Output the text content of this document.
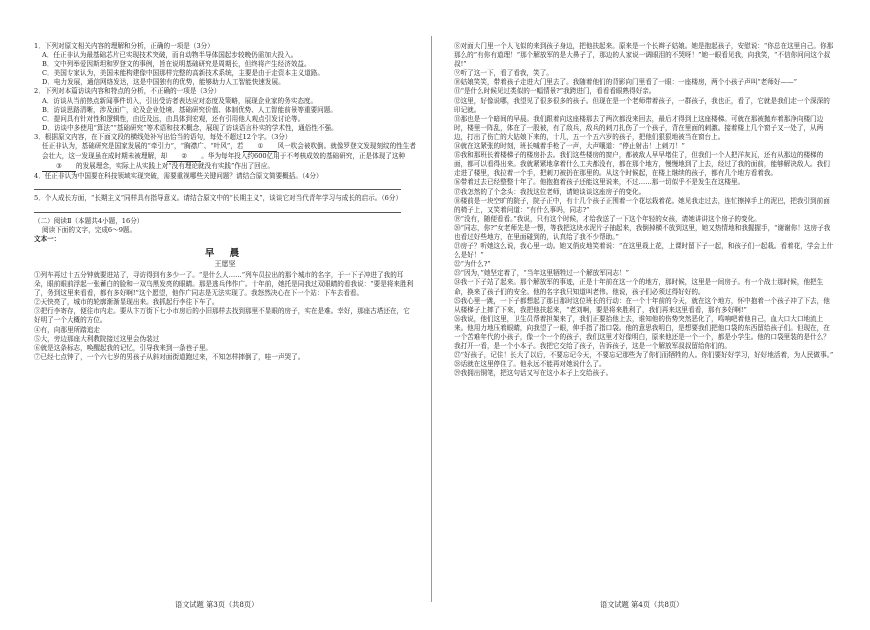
1．下列对原文相关内容的理解和分析，正确的一项是（3分）
A．任正非认为最基础芯片已实现技术突破，而自动物半导体国起步较晚仍需加大投入。
B．文中列举爱因斯坦和罗登文的事例，旨在说明基础研究是周期长，但终将产生经济效益。
C．美国专家认为，美国未能构建像中国那样完整的高新技术系统，主要是由于走资本主义道路。
D．电力发展，通信网络发达，这是中国独有的优势，能够助力人工智能快速发展。
2．下列对本篇访谈内容和特点的分析，不正确的一项是（3分）
A．访谈从当前热点新闻事件切入，引出受访者表达应对态度及策略，展现企业家的务实态度。
B．访谈思路清晰，涉及面广，论及企业处境、基础研究价值、体制优势、人工智能前景等重要问题。
C．提问具有针对性和逻辑性，由近及远，由具体到宏观，还有引用他人观点引发讨论等。
D．访谈中多使用“算法”“基础研究”等术语和技术概念，展现了访谈语言朴实的学术性，通俗性不强。
3．根据原文内容，在下面文段的横线处补写出恰当的语句，每处不超过12个字。（3分）
任正非认为，基础研究是国家发展的“牵引力”，“胸襟广、“叶风”，若 ① 风一吹会被吹倒。就像罗登文发现刻纹的性生者会壮大，这一发现虽在成时期未被理解，却 ② 。华为每年投入约600亿用于不考核成效的基础研究，正是体现了这种③ 的发展理念，实际上从实践上对“没有理论就没有实践”作出了回应。
4．任正非认为中国要在科技领域实现突破，需要重视哪些关键问题？请结合原文简要概括。（4分）
5．个人成长方面，“长期主义”同样具有指导意义。请结合原文中的“长期主义”，谈谈它对当代青年学习与成长的启示。（6分）
（二）阅读Ⅱ（本题共4小题，16分）
阅读下面的文字，完成6～9题。
文本一：
早 晨
王愿坚

①列车再过十五分钟就要进站了，寻访得到有多少一了。“是什么人……”列车员拉出的那个城市的名字，于一下子冲进了我的耳朵，眼前眼前浮起一张蓄白的脸和一双乌黑发亮的眼睛。那是逃兵伟作广。十年前，她托是同我过双眼睛的看我说：“要是将来胜利了，务到这里来看看，都有多好啊!”这个愿望，他作广同志是无法实现了。我怒然决心在下一个站：下车去看看。

②天快亮了，城市的轮廓渐渐显现出来。我抓起行李往下车了。

③把行李寄存，便往市内走。要从卞万街下七小市房后的小旧那样去找到那里不显眼的房子，实在是难。幸好，那座古塔还在，它好明了一个大概的方位。

④有，向那里所踏追走

⑤大，旁边那座大利教院接过这里会伪装过

⑥就是这条标志，唤醒起我的记忆，引导我来到一条巷子里。

⑦已经七点钟了，一个六七岁的男孩子从斜对面街道跑过来，不知怎样摔倒了，哇一声哭了。

⑧对面大门里一个人飞似的来到孩子身边，把他扶起来。原来是一个长辫子姑娘。她是抱起孩子，安慰说：“你总在这里自己。你那那么的”有你有道理！”那个解放军的是大鼻子了，那边的人家说一调眼泪的不哭呀！”她一眼看见我，向我笑，“不信你问问这个叔叔!”

⑨听了这一下，看了看我，笑了。

⑩姑娘笑笑，带着孩子走进大门里去了。我随着他们的背影向门里看了一眼：一座楼房，两个小孩子声叫“老师好——”

⑪“是什么时候见过类似的一幅情景?”我跨进门，看看看眼熟得好亲。

⑫这里，好像说哪，我望见了很多很多的孩子。但现在是一个老师带着孩子，一群孩子，我也正，看了，它就是我们走一个深深的印记就。

⑬那也是一个暗间的早晨。我们跟着向这座楼那去了两次都没来回去，最后才得到上这座楼梯。可就在那被抛弃着那净向楼门边时，楼里一阵乱，体在了一股被，有了敌兵，敌兵的刺刀扎伤了一个孩子，背在里面的刺激。接着楼上几个窗子又一处了，从两边，打出了伤亡的大姑娘下来的，十几，五一个五六岁的孩子，把他们狠狠地被当在窗台上。

⑭就在这紧张的时刻，班长喊着手枪了一声，大声嚷道：“停止射击！上刺刀！”

⑮我和那班长着楼梯子的楼房扑去。我们这些楼房的窗户，都被敌人早早堵住了，但我们一个人把洋灰瓦，还有从那边的楼梯的面，都可以看得出来。我就紧紧地拿着什么工夫都没有，都在那个地方，慢慢地到了上去，经过了我的面前，能够解决敌人。我们走进了楼里，我拉着一个手，把刺刀被扔在那里的。从这个时候起，在楼上继续的孩子，都有几个地方看着我。

⑯带着过去已经整整十年了。他抱抱着孩子还能这里说来，不过……那一切似乎不是发生在这楼里。

⑰我怎然的了个念头：我找这位老师，请她谈谈这座房子的变化。

⑱楼前是一块空旷的院子，院子正中，有十几个孩子正围着一个花坛栽着花。她见我走过去，连忙擦掉手上的泥巴，把我引到前面的椅子上，又笑着问道：“有什么事吗，同志?”

⑲“没有，随便看看。”我说，只有这个时候，才给我送了一下这个年轻的女孩，请她讲讲这个房子的变化。

⑳“同志，你?”女老师先是一愣，等我把这块水泥片子抽起来，我倒掉横不放到这里，她又热情地和我握握手，“谢谢你！这房子我也看过好些地方，在里面碰到的，认真给了我不少帮助。”

㉑房子？听她这么说，我心里一动。她又俏皮地笑着说：“在这里栽上花，上课时留下子一起，和孩子们一起栽。看着花，学会上什么是好！”

㉒“为什么?”

㉓“因为，”她坚定着了，“当年这里牺牲过一个解放军同志！”

㉔我一下子站了起来。那个解放军的事迹，正是十年前在这一个的地方，那时候，这里是一间房子。有一个战士那时候，他把生命，换来了孩子们的安全。他的名字我只知道叫老伟。他说，孩子们必须过得好好的。

㉕我心里一跳，一下子都想起了那日那时这位班长的行动：在一个十年前的今天，就在这个地方，怀中抱着一个孩子冲了下去，他从楼梯子上摔了下来，我把他扶起来，“老刘啊，要是将来胜利了，我们再来这里看看，那有多好啊!”

㉖我说，他们这里，卫生员帮着担架来了，我们正要抬他上去，谁知他的伤势突然恶化了，鸣响吧着他自己，血大口大口地流上来。他用力地压着眼睛，向我望了一眼，伸手指了指口袋。他的意思我明白，是想要我们把他口袋的东西留给孩子们。但现在，在一个苦难年代的小孩子，像一个一个的孩子，我们这里才好像明白，原来他还是一个一个，都是小学生。他的口袋里装的是什么？我打开一看，是一个小本子。我把它交给了孩子，告诉孩子，这是一个解放军叔叔留给你们的。

㉗“好孩子，记住！长大了以后，不要忘记今天，不要忘记那些为了你们而牺牲的人。你们要好好学习，好好地活着，为人民做事。”

㉘话就在这里停住了。他永远不能再对她说什么了。

㉙我拥出铜笔，把这句话又写在这小本子上交给孩子。

语文试题 第3页（共8页）	语文试题 第4页（共8页）
